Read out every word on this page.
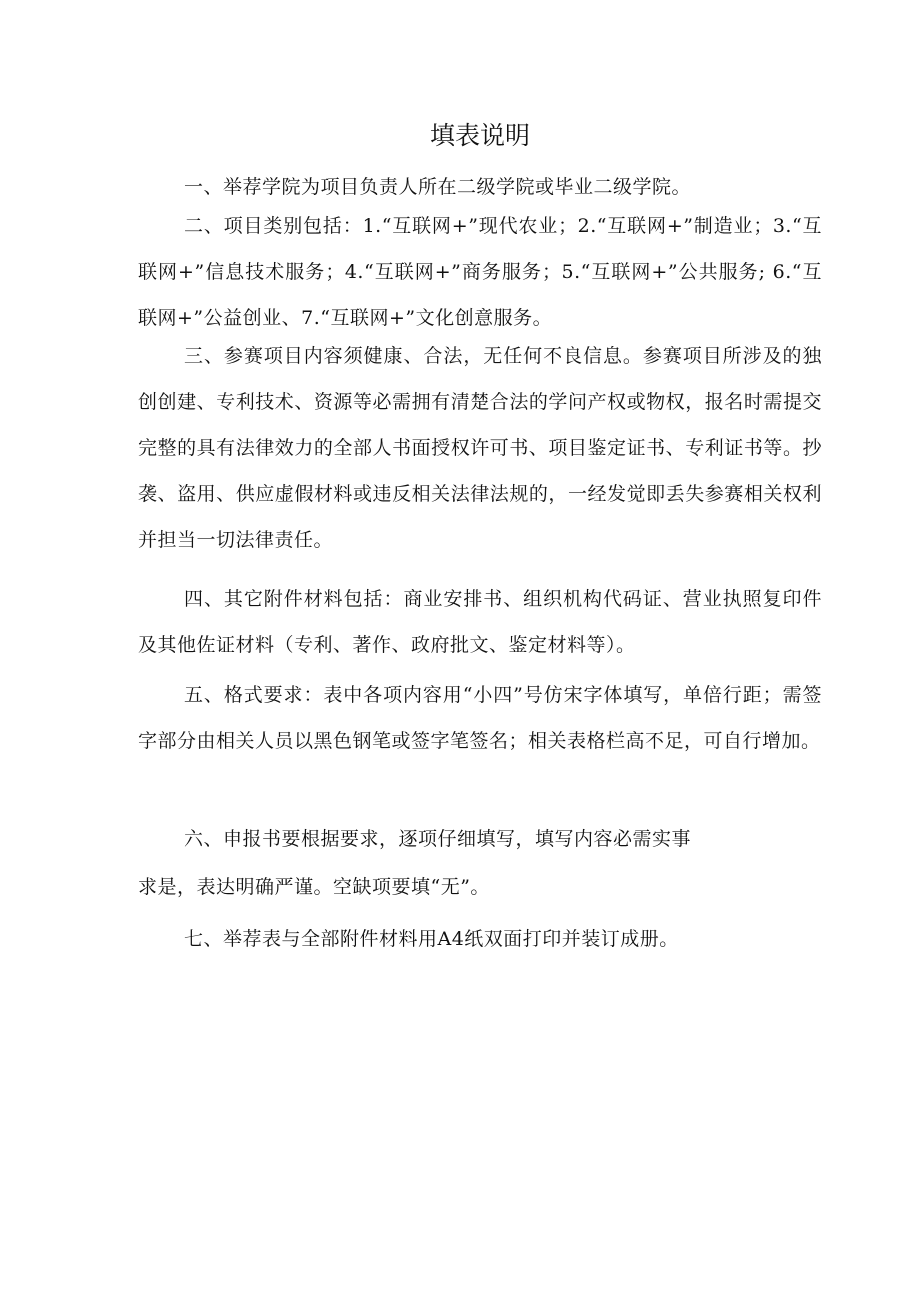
填表说明

一、举荐学院为项目负责人所在二级学院或毕业二级学院。

二、项目类别包括：1.“互联网+”现代农业；2.“互联网+”制造业；3.“互联网+”信息技术服务；4.“互联网+”商务服务；5.“互联网+”公共服务; 6.“互联网+”公益创业、7.“互联网+”文化创意服务。

三、参赛项目内容须健康、合法，无任何不良信息。参赛项目所涉及的独创创建、专利技术、资源等必需拥有清楚合法的学问产权或物权，报名时需提交完整的具有法律效力的全部人书面授权许可书、项目鉴定证书、专利证书等。抄袭、盗用、供应虚假材料或违反相关法律法规的，一经发觉即丢失参赛相关权利并担当一切法律责任。

四、其它附件材料包括：商业安排书、组织机构代码证、营业执照复印件及其他佐证材料（专利、著作、政府批文、鉴定材料等）。

五、格式要求：表中各项内容用“小四”号仿宋字体填写，单倍行距；需签字部分由相关人员以黑色钢笔或签字笔签名；相关表格栏高不足，可自行增加。

六、申报书要根据要求，逐项仔细填写，填写内容必需实事

求是，表达明确严谨。空缺项要填“无”。

七、举荐表与全部附件材料用A4纸双面打印并装订成册。
